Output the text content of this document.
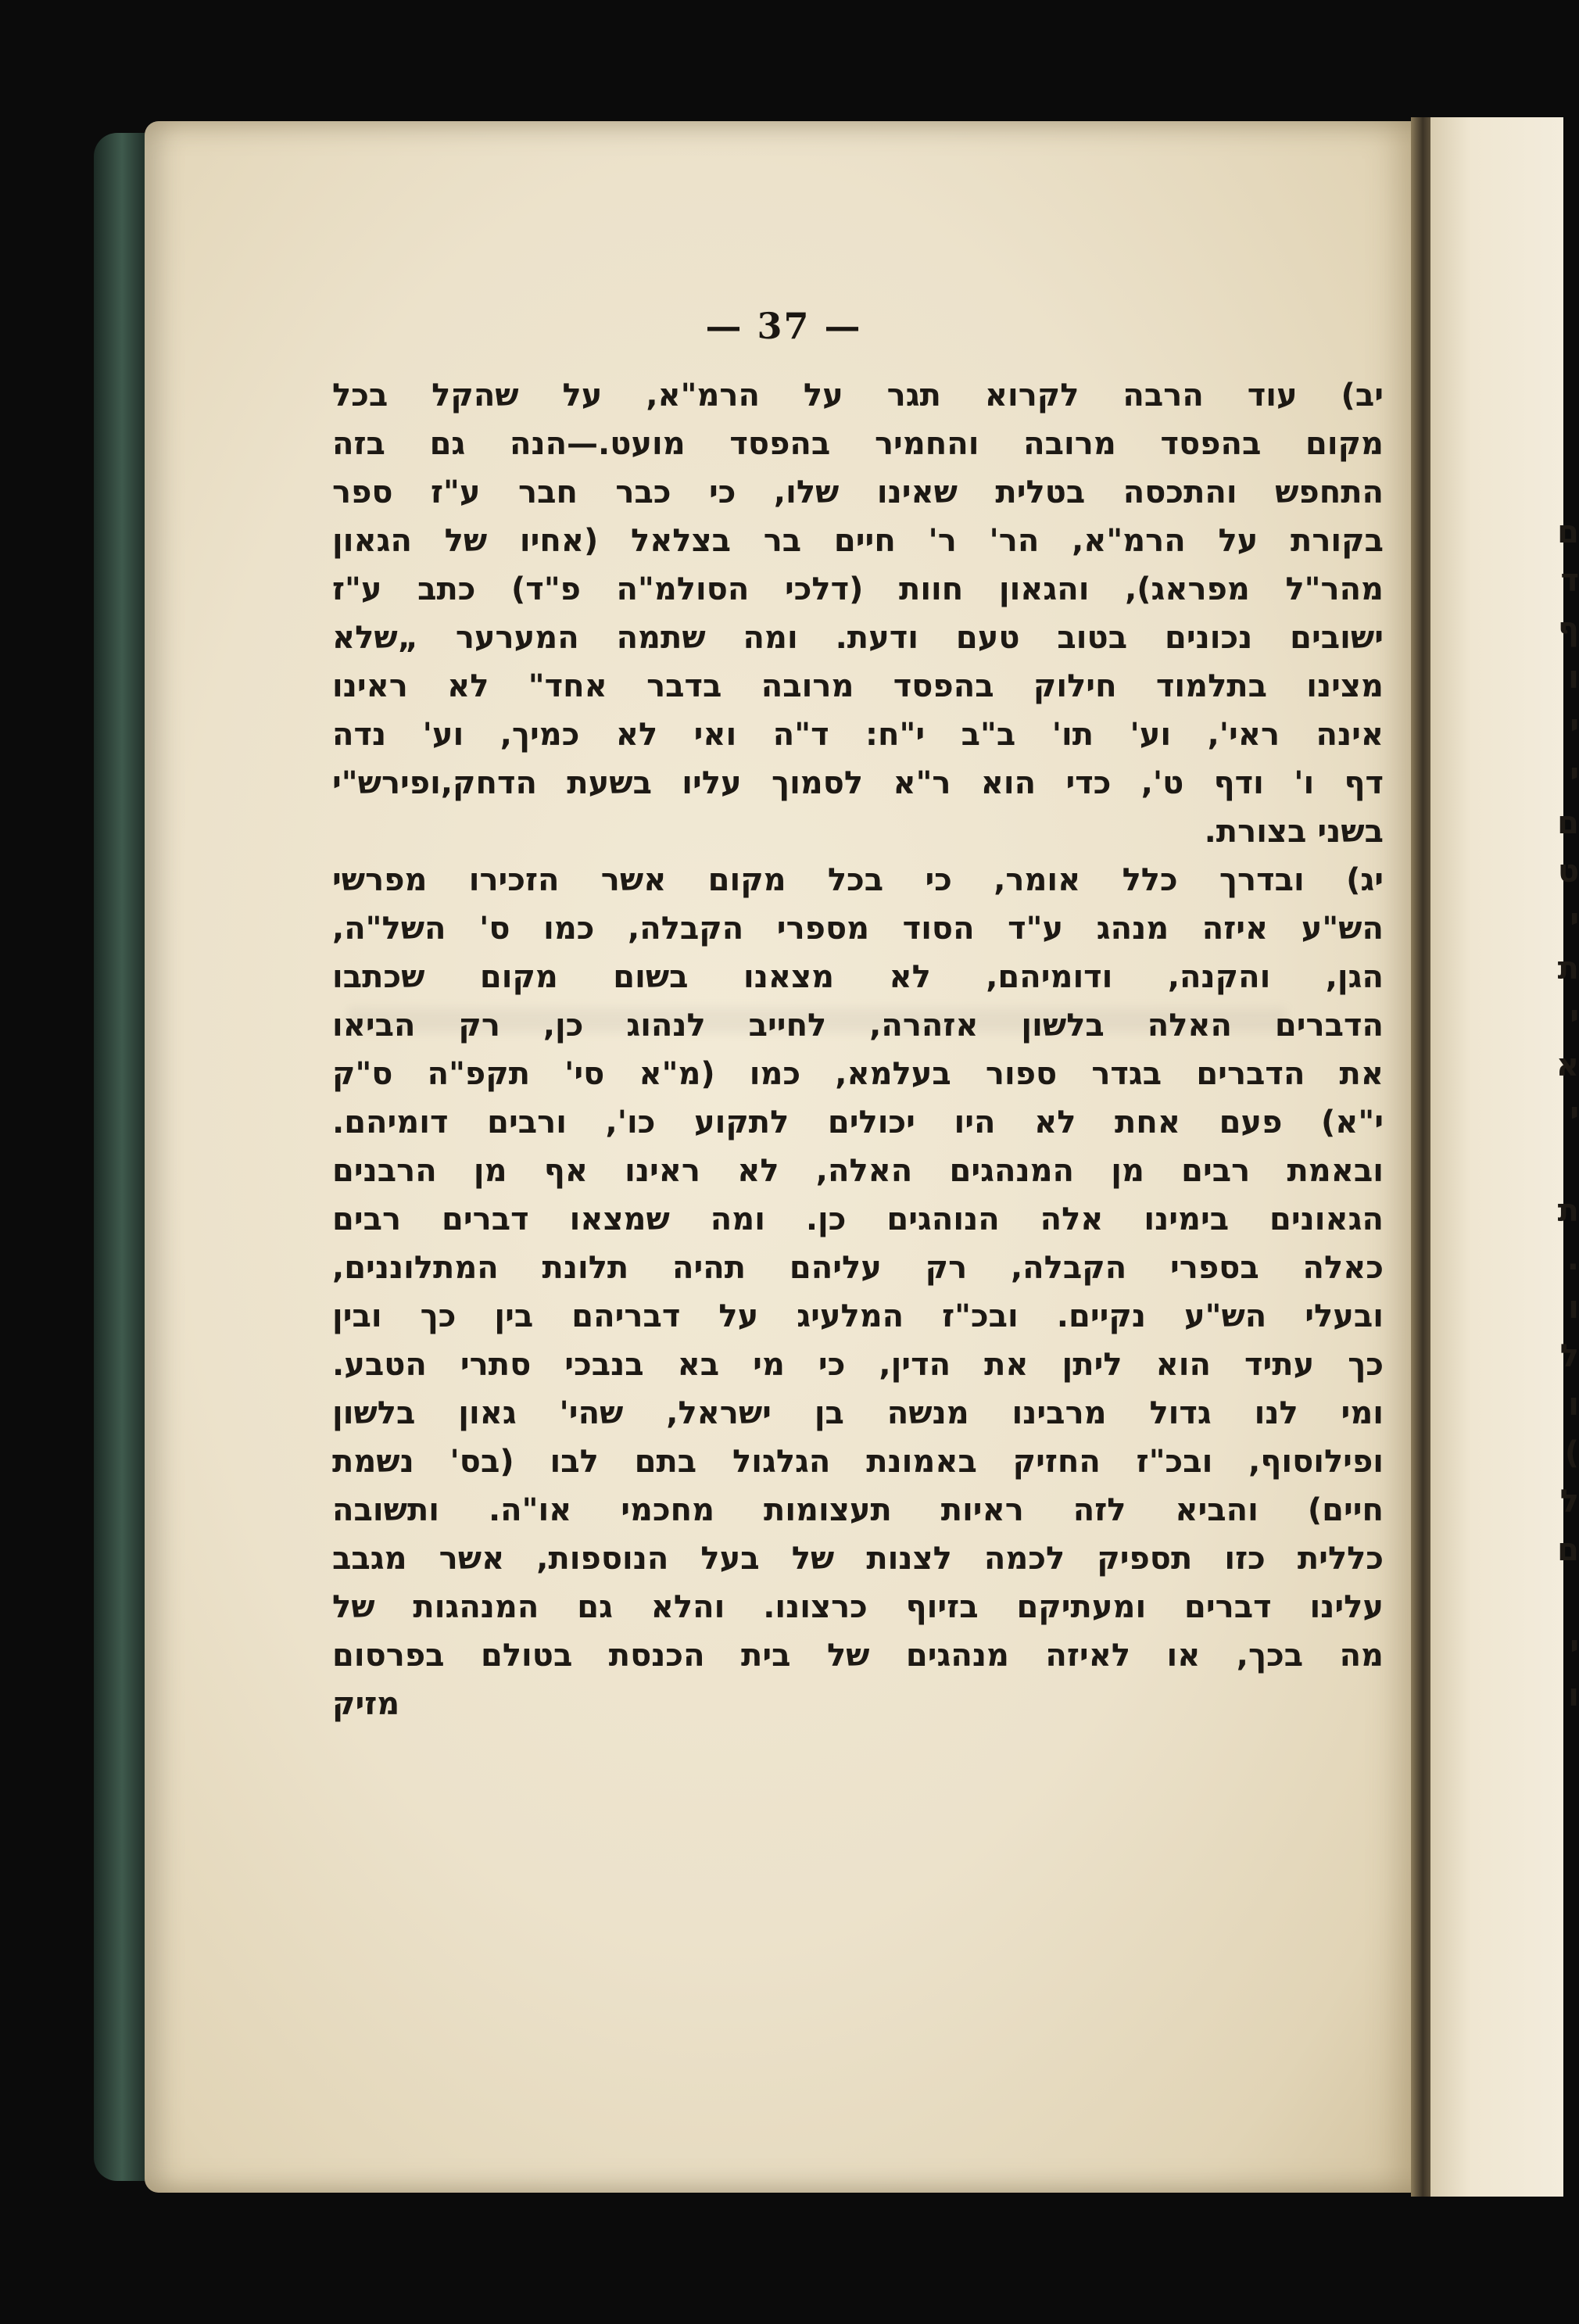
— 37 —
יב) עוד הרבה לקרוא תגר על הרמ"א, על שהקל בכל
מקום בהפסד מרובה והחמיר בהפסד מועט.—הנה גם בזה
התחפש והתכסה בטלית שאינו שלו, כי כבר חבר ע"ז ספר
בקורת על הרמ"א, הר' ר' חיים בר בצלאל (אחיו של הגאון
מהר"ל מפראג), והגאון חוות (דלכי הסולמ"ה פ"ד) כתב ע"ז
ישובים נכונים בטוב טעם ודעת. ומה שתמה המערער „שלא
מצינו בתלמוד חילוק בהפסד מרובה בדבר אחד" לא ראינו
אינה ראי', וע' תו' ב"ב י"ח: ד"ה ואי לא כמיך, וע' נדה
דף ו' ודף ט', כדי הוא ר"א לסמוך עליו בשעת הדחק,ופירש"י
בשני בצורת.
יג) ובדרך כלל אומר, כי בכל מקום אשר הזכירו מפרשי
הש"ע איזה מנהג ע"ד הסוד מספרי הקבלה, כמו ס' השל"ה,
הגן, והקנה, ודומיהם, לא מצאנו בשום מקום שכתבו
הדברים האלה בלשון אזהרה, לחייב לנהוג כן, רק הביאו
את הדברים בגדר ספור בעלמא, כמו (מ"א סי' תקפ"ה ס"ק
י"א) פעם אחת לא היו יכולים לתקוע כו', ורבים דומיהם.
ובאמת רבים מן המנהגים האלה, לא ראינו אף מן הרבנים
הגאונים בימינו אלה הנוהגים כן. ומה שמצאו דברים רבים
כאלה בספרי הקבלה, רק עליהם תהיה תלונת המתלוננים,
ובעלי הש"ע נקיים. ובכ"ז המלעיג על דבריהם בין כך ובין
כך עתיד הוא ליתן את הדין, כי מי בא בנבכי סתרי הטבע.
ומי לנו גדול מרבינו מנשה בן ישראל, שהי' גאון בלשון
ופילוסוף, ובכ"ז החזיק באמונת הגלגול בתם לבו (בס' נשמת
חיים) והביא לזה ראיות תעצומות מחכמי או"ה. ותשובה
כללית כזו תספיק לכמה לצנות של בעל הנוספות, אשר מגבב
עלינו דברים ומעתיקם בזיוף כרצונו. והלא גם המנהגות של
מה בכך, או לאיזה מנהגים של בית הכנסת בטולם בפרסום
מזיק
ם
ד
ף
ו
י
י
ם
ט
י
ת
י
א
י
ת
.
ו
ל
ו
)
ל
ם
י
ו
